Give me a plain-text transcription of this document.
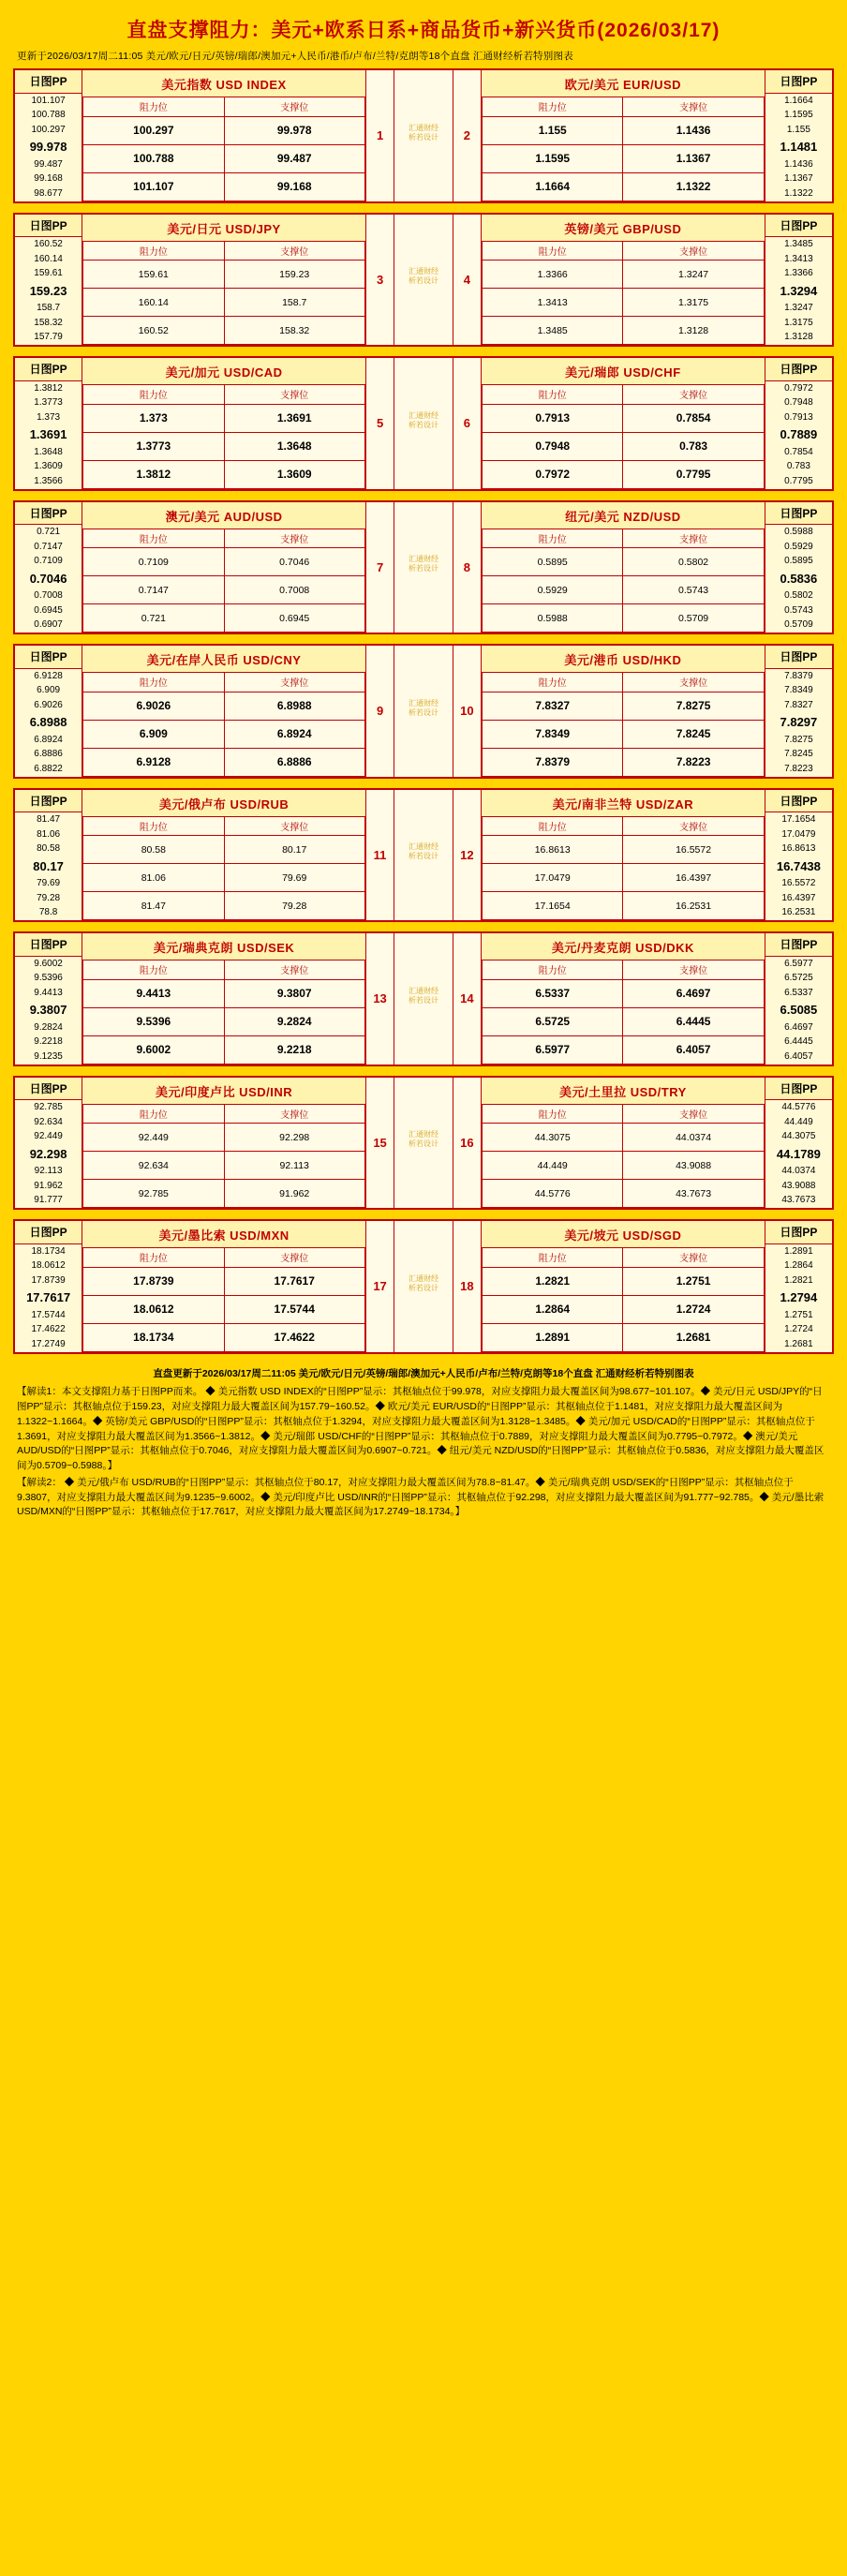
直盘支撑阻力：美元+欧系日系+商品货币+新兴货币(2026/03/17)
更新于2026/03/17周二11:05 美元/欧元/日元/英镑/瑞郎/澳加元+人民币/港币/卢布/兰特/克朗等18个直盘 汇通财经析若特别图表
日图PP
101.107
100.788
100.297
99.978
99.487
99.168
98.677

美元指数 USD INDEX
阻力位	支撑位
100.297	99.978
100.788	99.487
101.107	99.168
	1	
汇通财经
析若设计	2	
欧元/美元 EUR/USD
阻力位	支撑位
1.155	1.1436
1.1595	1.1367
1.1664	1.1322

日图PP
1.1664
1.1595
1.155
1.1481
1.1436
1.1367
1.1322
日图PP
160.52
160.14
159.61
159.23
158.7
158.32
157.79

美元/日元 USD/JPY
阻力位	支撑位
159.61	159.23
160.14	158.7
160.52	158.32
	3	
汇通财经
析若设计	4	
英镑/美元 GBP/USD
阻力位	支撑位
1.3366	1.3247
1.3413	1.3175
1.3485	1.3128

日图PP
1.3485
1.3413
1.3366
1.3294
1.3247
1.3175
1.3128
日图PP
1.3812
1.3773
1.373
1.3691
1.3648
1.3609
1.3566

美元/加元 USD/CAD
阻力位	支撑位
1.373	1.3691
1.3773	1.3648
1.3812	1.3609
	5	
汇通财经
析若设计	6	
美元/瑞郎 USD/CHF
阻力位	支撑位
0.7913	0.7854
0.7948	0.783
0.7972	0.7795

日图PP
0.7972
0.7948
0.7913
0.7889
0.7854
0.783
0.7795
日图PP
0.721
0.7147
0.7109
0.7046
0.7008
0.6945
0.6907

澳元/美元 AUD/USD
阻力位	支撑位
0.7109	0.7046
0.7147	0.7008
0.721	0.6945
	7	
汇通财经
析若设计	8	
纽元/美元 NZD/USD
阻力位	支撑位
0.5895	0.5802
0.5929	0.5743
0.5988	0.5709

日图PP
0.5988
0.5929
0.5895
0.5836
0.5802
0.5743
0.5709
日图PP
6.9128
6.909
6.9026
6.8988
6.8924
6.8886
6.8822

美元/在岸人民币 USD/CNY
阻力位	支撑位
6.9026	6.8988
6.909	6.8924
6.9128	6.8886
	9	
汇通财经
析若设计	10	
美元/港币 USD/HKD
阻力位	支撑位
7.8327	7.8275
7.8349	7.8245
7.8379	7.8223

日图PP
7.8379
7.8349
7.8327
7.8297
7.8275
7.8245
7.8223
日图PP
81.47
81.06
80.58
80.17
79.69
79.28
78.8

美元/俄卢布 USD/RUB
阻力位	支撑位
80.58	80.17
81.06	79.69
81.47	79.28
	11	
汇通财经
析若设计	12	
美元/南非兰特 USD/ZAR
阻力位	支撑位
16.8613	16.5572
17.0479	16.4397
17.1654	16.2531

日图PP
17.1654
17.0479
16.8613
16.7438
16.5572
16.4397
16.2531
日图PP
9.6002
9.5396
9.4413
9.3807
9.2824
9.2218
9.1235

美元/瑞典克朗 USD/SEK
阻力位	支撑位
9.4413	9.3807
9.5396	9.2824
9.6002	9.2218
	13	
汇通财经
析若设计	14	
美元/丹麦克朗 USD/DKK
阻力位	支撑位
6.5337	6.4697
6.5725	6.4445
6.5977	6.4057

日图PP
6.5977
6.5725
6.5337
6.5085
6.4697
6.4445
6.4057
日图PP
92.785
92.634
92.449
92.298
92.113
91.962
91.777

美元/印度卢比 USD/INR
阻力位	支撑位
92.449	92.298
92.634	92.113
92.785	91.962
	15	
汇通财经
析若设计	16	
美元/土里拉 USD/TRY
阻力位	支撑位
44.3075	44.0374
44.449	43.9088
44.5776	43.7673

日图PP
44.5776
44.449
44.3075
44.1789
44.0374
43.9088
43.7673
日图PP
18.1734
18.0612
17.8739
17.7617
17.5744
17.4622
17.2749

美元/墨比索 USD/MXN
阻力位	支撑位
17.8739	17.7617
18.0612	17.5744
18.1734	17.4622
	17	
汇通财经
析若设计	18	
美元/坡元 USD/SGD
阻力位	支撑位
1.2821	1.2751
1.2864	1.2724
1.2891	1.2681

日图PP
1.2891
1.2864
1.2821
1.2794
1.2751
1.2724
1.2681
直盘更新于2026/03/17周二11:05 美元/欧元/日元/英镑/瑞郎/澳加元+人民币/卢布/兰特/克朗等18个直盘 汇通财经析若特别图表

【解读1：本文支撑阻力基于日图PP而来。 ◆ 美元指数 USD INDEX的“日图PP”显示：其枢轴点位于99.978，对应支撑阻力最大覆盖区间为98.677~101.107。◆ 美元/日元 USD/JPY的“日图PP”显示：其枢轴点位于159.23，对应支撑阻力最大覆盖区间为157.79~160.52。◆ 欧元/美元 EUR/USD的“日图PP”显示：其枢轴点位于1.1481，对应支撑阻力最大覆盖区间为1.1322~1.1664。◆ 英镑/美元 GBP/USD的“日图PP”显示：其枢轴点位于1.3294，对应支撑阻力最大覆盖区间为1.3128~1.3485。◆ 美元/加元 USD/CAD的“日图PP”显示：其枢轴点位于1.3691，对应支撑阻力最大覆盖区间为1.3566~1.3812。◆ 美元/瑞郎 USD/CHF的“日图PP”显示：其枢轴点位于0.7889，对应支撑阻力最大覆盖区间为0.7795~0.7972。◆ 澳元/美元 AUD/USD的“日图PP”显示：其枢轴点位于0.7046，对应支撑阻力最大覆盖区间为0.6907~0.721。◆ 纽元/美元 NZD/USD的“日图PP”显示：其枢轴点位于0.5836，对应支撑阻力最大覆盖区间为0.5709~0.5988。】

【解读2： ◆ 美元/俄卢布 USD/RUB的“日图PP”显示：其枢轴点位于80.17，对应支撑阻力最大覆盖区间为78.8~81.47。◆ 美元/瑞典克朗 USD/SEK的“日图PP”显示：其枢轴点位于9.3807，对应支撑阻力最大覆盖区间为9.1235~9.6002。◆ 美元/印度卢比 USD/INR的“日图PP”显示：其枢轴点位于92.298，对应支撑阻力最大覆盖区间为91.777~92.785。◆ 美元/墨比索 USD/MXN的“日图PP”显示：其枢轴点位于17.7617，对应支撑阻力最大覆盖区间为17.2749~18.1734。】
